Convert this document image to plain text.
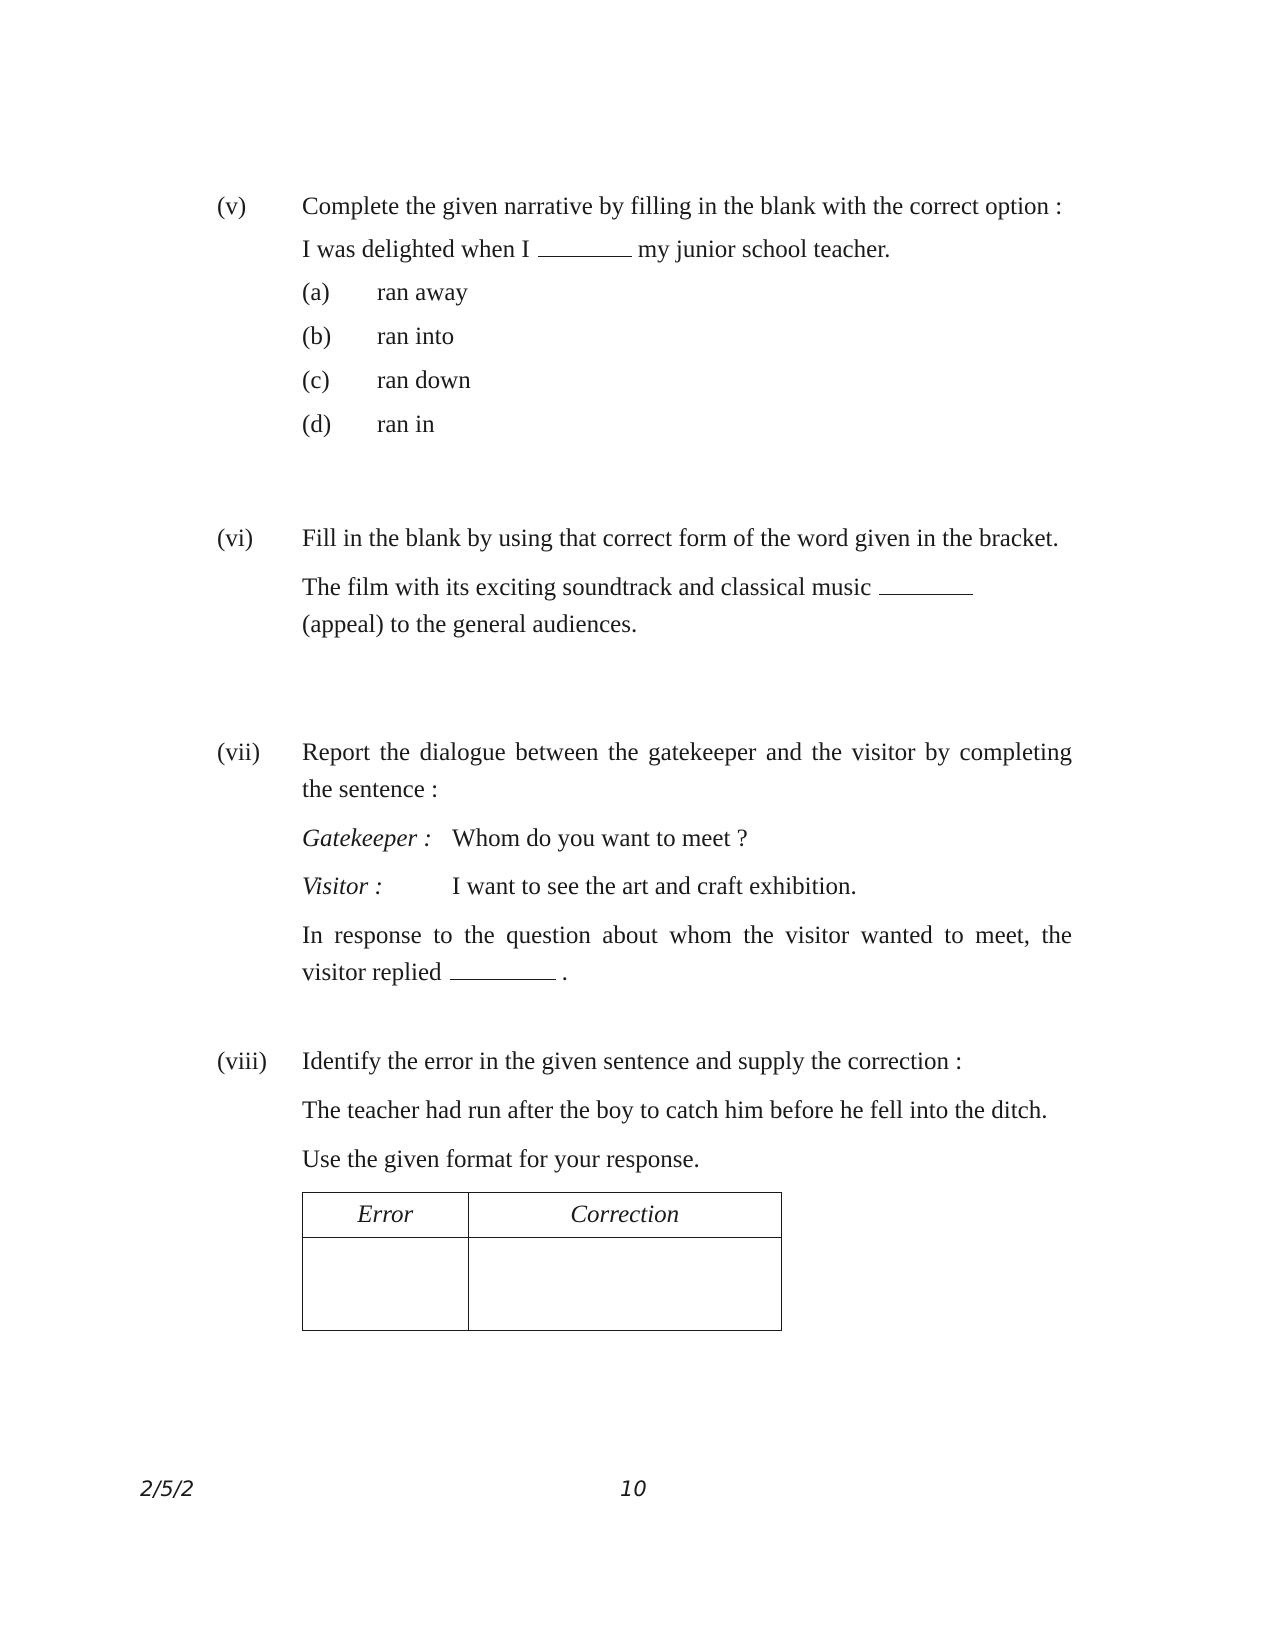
(v) Complete the given narrative by filling in the blank with the correct option :

I was delighted when I	my junior school teacher.

(a)	ran away
(b)	ran into
(c)	ran down
(d)	ran in
(vi) Fill in the blank by using that correct form of the word given in the bracket.

The film with its exciting soundtrack and classical music
(appeal) to the general audiences.

(vii) Report the dialogue between the gatekeeper and the visitor by completing the sentence :

Gatekeeper : Whom do you want to meet ?
Visitor :	I want to see the art and craft exhibition.

In response to the question about whom the visitor wanted to meet, the visitor replied	.

(viii) Identify the error in the given sentence and supply the correction :

The teacher had run after the boy to catch him before he fell into the ditch.

Use the given format for your response.

Error	Correction

2/5/2	10
